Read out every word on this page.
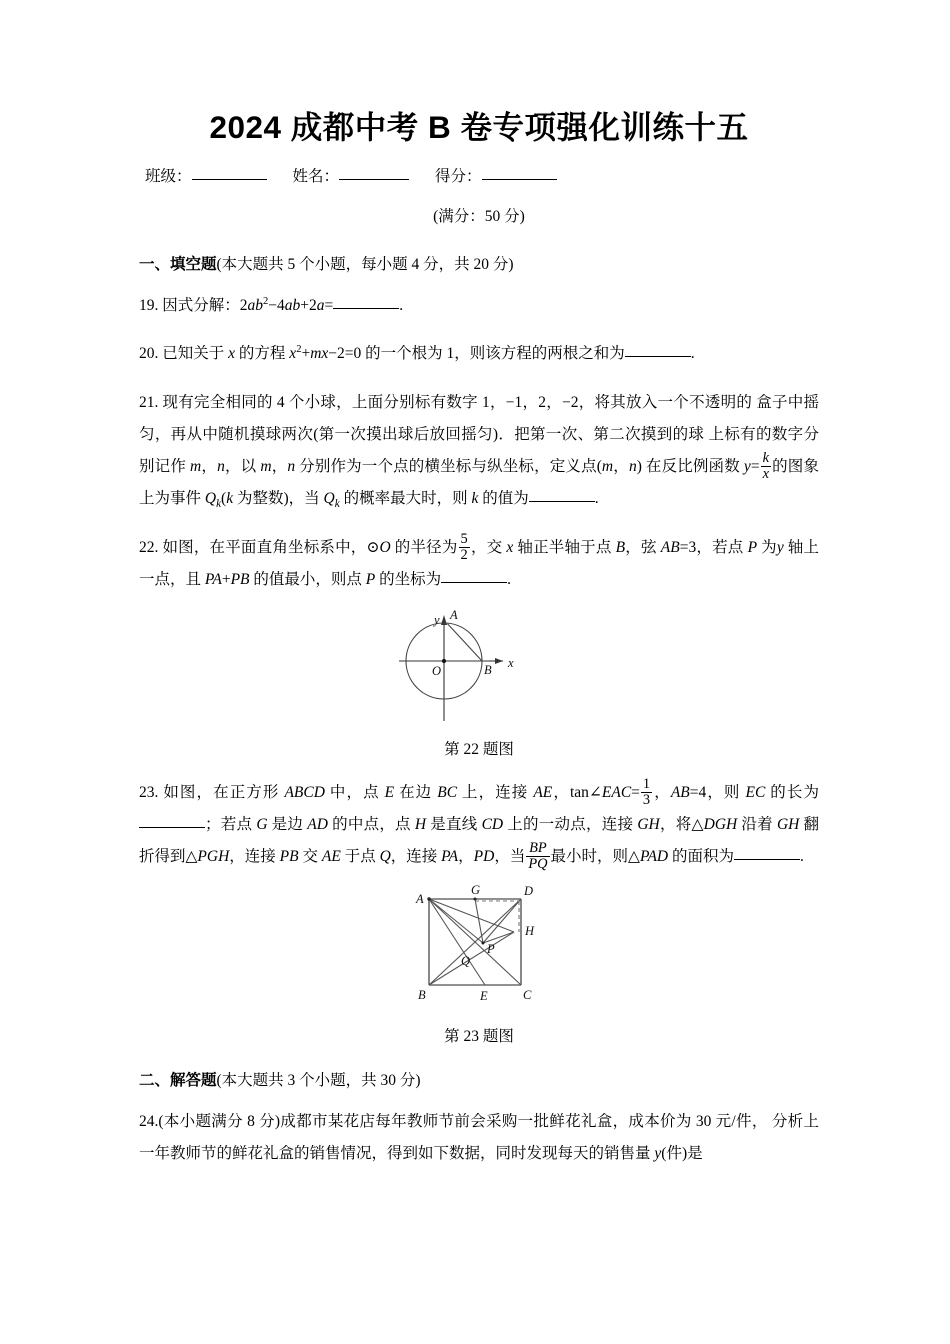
2024 成都中考 B 卷专项强化训练十五
班级：	姓名：	得分：
(满分：50 分)
一、填空题(本大题共 5 个小题，每小题 4 分，共 20 分)
19. 因式分解：$2ab^2-4ab+2a=$	.
20. 已知关于 x 的方程 $x^2+mx-2=0$ 的一个根为 1，则该方程的两根之和为	.
21. 现有完全相同的 4 个小球，上面分别标有数字 1，−1，2，−2，将其放入一个不透明的 盒子中摇匀，再从中随机摸球两次(第一次摸出球后放回摇匀)．把第一次、第二次摸到的球 上标有的数字分别记作 m，n，以 m，n 分别作为一个点的横坐标与纵坐标，定义点(m，n) 在反比例函数 $y= \frac{k}{x}$ 的图象上为事件 $Q_k(k$ 为整数)，当 $Q_k$ 的概率最大时，则 k 的值为	.
22. 如图，在平面直角坐标系中，⊙O 的半径为 $\frac{5}{2}$ ，交 x 轴正半轴于点 B，弦 AB=3，若点 P 为y 轴上一点，且 PA+PB 的值最小，则点 P 的坐标为	.
y
x
O
A
B
第 22 题图
23. 如图，在正方形 ABCD 中，点 E 在边 BC 上，连接 AE，tan∠EAC= $\frac{1}{3}$ ，AB=4，则 EC 的长为；若点 G 是边 AD 的中点，点 H 是直线 CD 上的一动点，连接 GH，将△DGH 沿着 GH 翻折得到△PGH，连接 PB 交 AE 于点 Q，连接 PA，PD，当 $\frac{BP}{PQ}$ 最小时，则△PAD 的面积为	.
A
G	D
H
P
Q
B	E	C
第 23 题图
二、解答题(本大题共 3 个小题，共 30 分)
24.(本小题满分 8 分)成都市某花店每年教师节前会采购一批鲜花礼盒，成本价为 30 元/件， 分析上一年教师节的鲜花礼盒的销售情况，得到如下数据，同时发现每天的销售量 y(件)是
